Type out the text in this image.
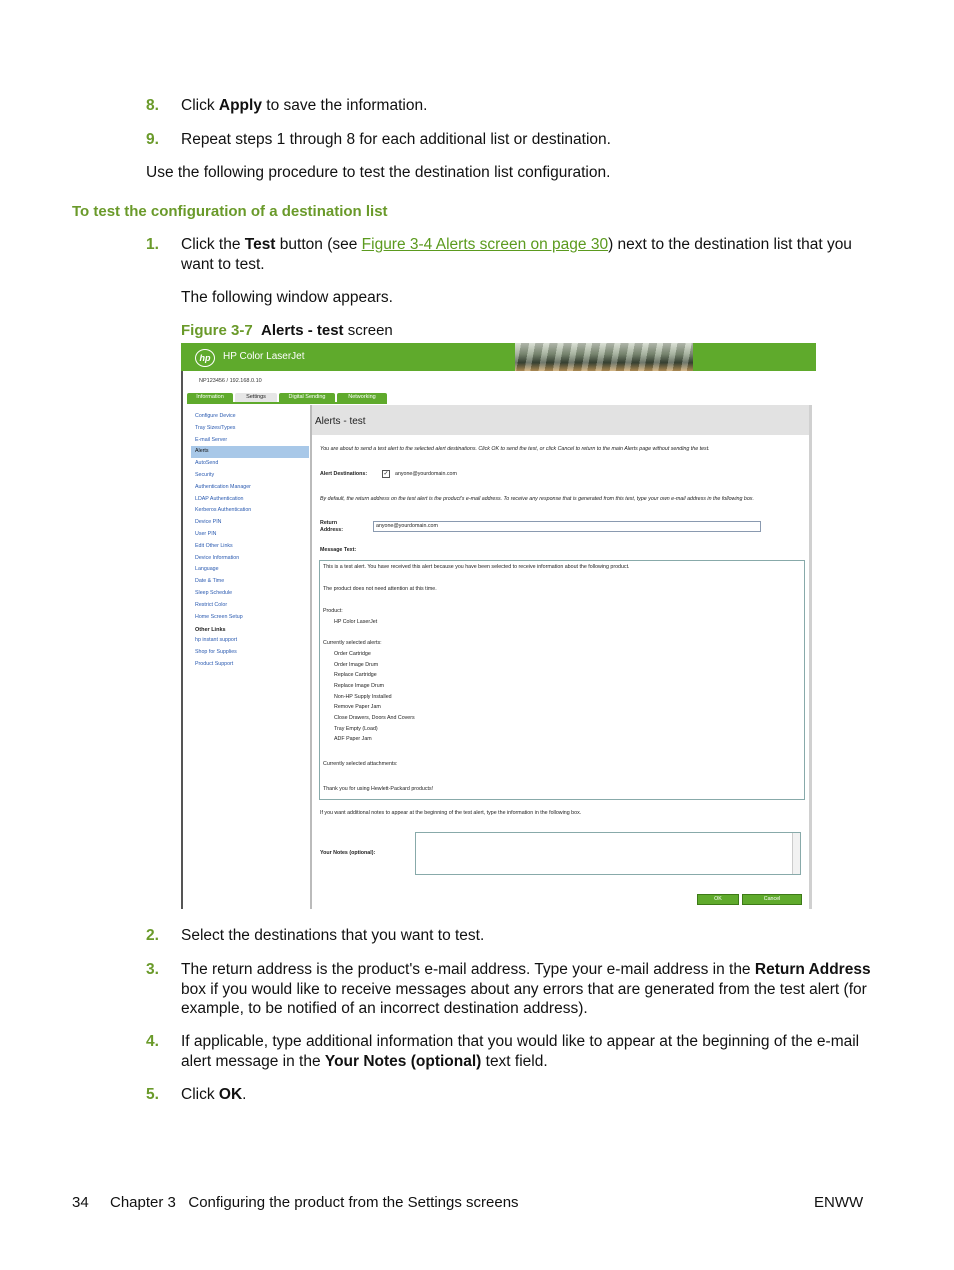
8. Click Apply to save the information.
9. Repeat steps 1 through 8 for each additional list or destination.
Use the following procedure to test the destination list configuration.
To test the configuration of a destination list
1. Click the Test button (see Figure 3-4 Alerts screen on page 30) next to the destination list that you want to test.
The following window appears.
Figure 3-7 Alerts - test screen
hp	HP Color LaserJet
NP123456 / 192.168.0.10
Information	Settings	Digital Sending	Networking
Configure Device
Tray Sizes/Types
E-mail Server
Alerts
AutoSend
Security
Authentication Manager
LDAP Authentication
Kerberos Authentication
Device PIN
User PIN
Edit Other Links
Device Information
Language
Date & Time
Sleep Schedule
Restrict Color
Home Screen Setup
Other Links
hp instant support
Shop for Supplies
Product Support
Alerts - test
You are about to send a test alert to the selected alert destinations. Click OK to send the test, or click Cancel to return to the main Alerts page without sending the test.
Alert Destinations:	✓ anyone@yourdomain.com
By default, the return address on the test alert is the product's e-mail address. To receive any response that is generated from this test, type your own e-mail address in the following box.
Return
Address:
anyone@yourdomain.com
Message Text:
This is a test alert. You have received this alert because you have been selected to receive information about the following product.
The product does not need attention at this time.
Product:
HP Color LaserJet
Currently selected alerts:
Order Cartridge
Order Image Drum
Replace Cartridge
Replace Image Drum
Non-HP Supply Installed
Remove Paper Jam
Close Drawers, Doors And Covers
Tray Empty (Load)
ADF Paper Jam
Currently selected attachments:
Thank you for using Hewlett-Packard products!
If you want additional notes to appear at the beginning of the test alert, type the information in the following box.
Your Notes (optional):
OK	Cancel
2. Select the destinations that you want to test.
3. The return address is the product's e-mail address. Type your e-mail address in the Return Address box if you would like to receive messages about any errors that are generated from the test alert (for example, to be notified of an incorrect destination address).
4. If applicable, type additional information that you would like to appear at the beginning of the e-mail alert message in the Your Notes (optional) text field.
5. Click OK.
34 Chapter 3   Configuring the product from the Settings screens	ENWW
